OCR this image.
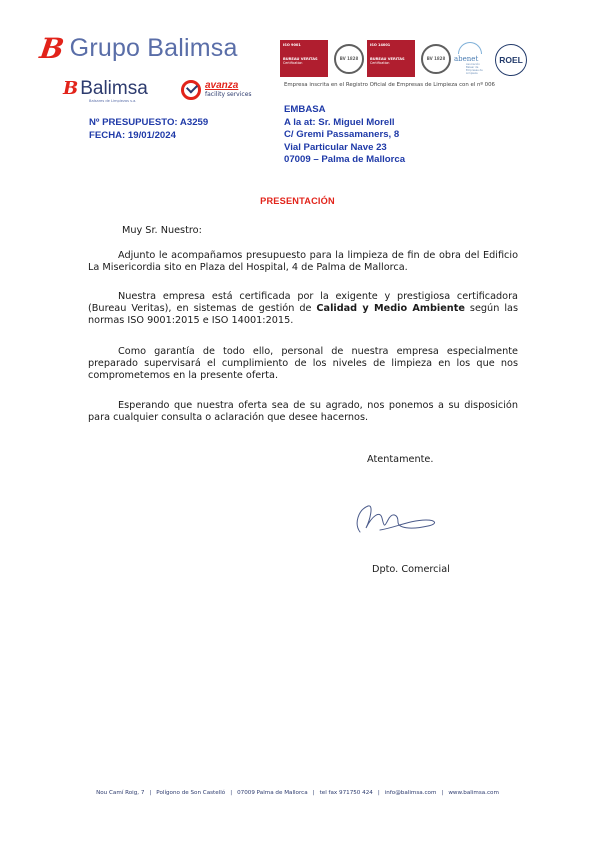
B Grupo Balimsa
B Balimsa
Balsares de Limpiezas s.a.
avanza
facility services
ISO 9001
BUREAU VERITAS
Certification
BV 1828
ISO 14001
BUREAU VERITAS
Certification
BV 1828	abenet
Asociación Balear de Empresas de Limpieza
ROEL
Empresa inscrita en el Registro Oficial de Empresas de Limpieza con el nº 006
Nº PRESUPUESTO: A3259
FECHA: 19/01/2024
EMBASA
A la at: Sr. Miguel Morell
C/ Gremi Passamaners, 8
Vial Particular Nave 23
07009 – Palma de Mallorca
PRESENTACIÓN
Muy Sr. Nuestro:

Adjunto le acompañamos presupuesto para la limpieza de fin de obra del Edificio La Misericordia sito en Plaza del Hospital, 4 de Palma de Mallorca.

Nuestra empresa está certificada por la exigente y prestigiosa certificadora (Bureau Veritas), en sistemas de gestión de Calidad y Medio Ambiente según las normas ISO 9001:2015 e ISO 14001:2015.

Como garantía de todo ello, personal de nuestra empresa especialmente preparado supervisará el cumplimiento de los niveles de limpieza en los que nos comprometemos en la presente oferta.

Esperando que nuestra oferta sea de su agrado, nos ponemos a su disposición para cualquier consulta o aclaración que desee hacernos.

Atentamente.
Dpto. Comercial
Nou Camí Roig, 7 | Polígono de Son Castelló | 07009 Palma de Mallorca | tel fax 971750 424 | info@balimsa.com | www.balimsa.com
